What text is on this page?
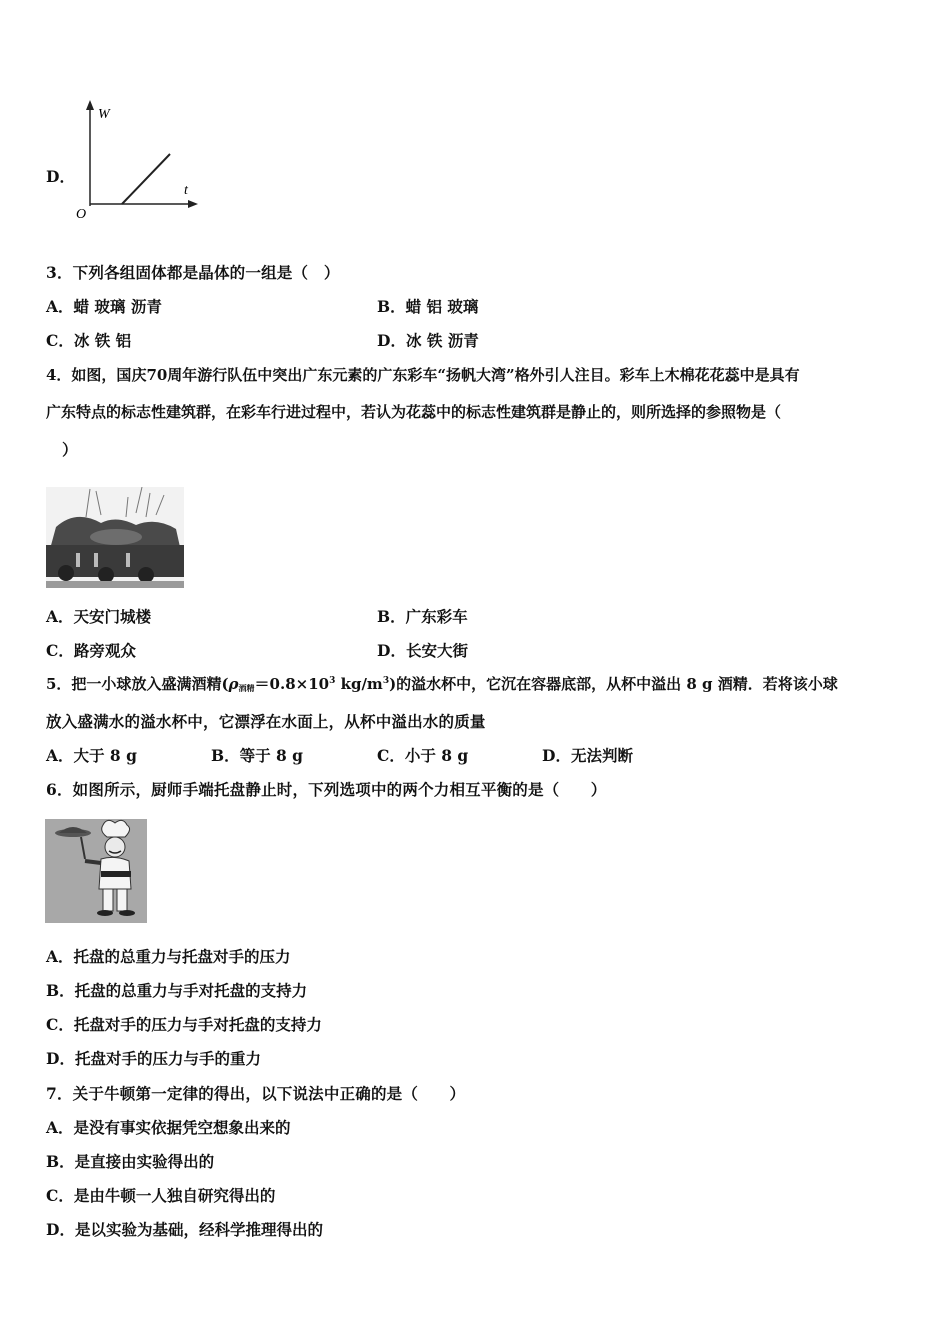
D．
W
t
O
3．下列各组固体都是晶体的一组是（　）
A．蜡 玻璃 沥青	B．蜡 铝 玻璃
C．冰 铁 铝	D．冰 铁 沥青
4．如图，国庆70周年游行队伍中突出广东元素的广东彩车“扬帆大湾”格外引人注目。彩车上木棉花花蕊中是具有
广东特点的标志性建筑群，在彩车行进过程中，若认为花蕊中的标志性建筑群是静止的，则所选择的参照物是（
）
A．天安门城楼	B．广东彩车
C．路旁观众	D．长安大街
5．把一小球放入盛满酒精($\rho_{酒精}=0.8\times 10^3$ $kg/m^3$)的溢水杯中，它沉在容器底部，从杯中溢出 8 g 酒精．若将该小球
放入盛满水的溢水杯中，它漂浮在水面上，从杯中溢出水的质量
A．大于 8 g	B．等于 8 g	C．小于 8 g	D．无法判断
6．如图所示，厨师手端托盘静止时，下列选项中的两个力相互平衡的是（　　）
A．托盘的总重力与托盘对手的压力
B．托盘的总重力与手对托盘的支持力
C．托盘对手的压力与手对托盘的支持力
D．托盘对手的压力与手的重力
7．关于牛顿第一定律的得出，以下说法中正确的是（　　）
A．是没有事实依据凭空想象出来的
B．是直接由实验得出的
C．是由牛顿一人独自研究得出的
D．是以实验为基础，经科学推理得出的
